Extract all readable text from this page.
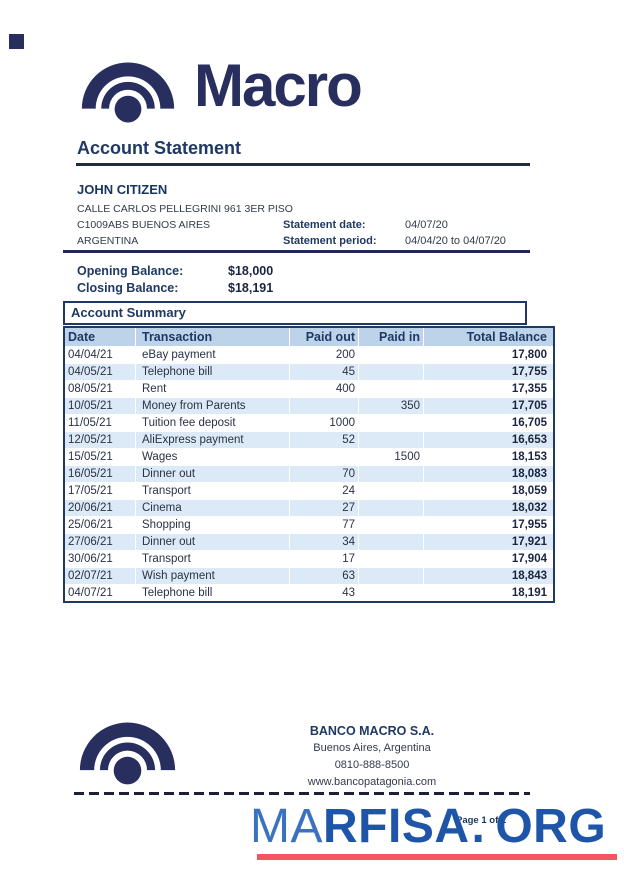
Macro
Account Statement
JOHN CITIZEN
CALLE CARLOS PELLEGRINI 961 3ER PISO
C1009ABS BUENOS AIRES
ARGENTINA
Statement date:	04/07/20
Statement period:	04/04/20 to 04/07/20
Opening Balance:	$18,000
Closing Balance:	$18,191
Account Summary
Date	Transaction	Paid out	Paid in	Total Balance
04/04/21	eBay payment	200		17,800
04/05/21	Telephone bill	45		17,755
08/05/21	Rent	400		17,355
10/05/21	Money from Parents		350	17,705
11/05/21	Tuition fee deposit	1000		16,705
12/05/21	AliExpress payment	52		16,653
15/05/21	Wages		1500	18,153
16/05/21	Dinner out	70		18,083
17/05/21	Transport	24		18,059
20/06/21	Cinema	27		18,032
25/06/21	Shopping	77		17,955
27/06/21	Dinner out	34		17,921
30/06/21	Transport	17		17,904
02/07/21	Wish payment	63		18,843
04/07/21	Telephone bill	43		18,191
BANCO MACRO S.A.
Buenos Aires, Argentina
0810-888-8500
www.bancopatagonia.com
Page 1 of 1
MARFISA. ORG
